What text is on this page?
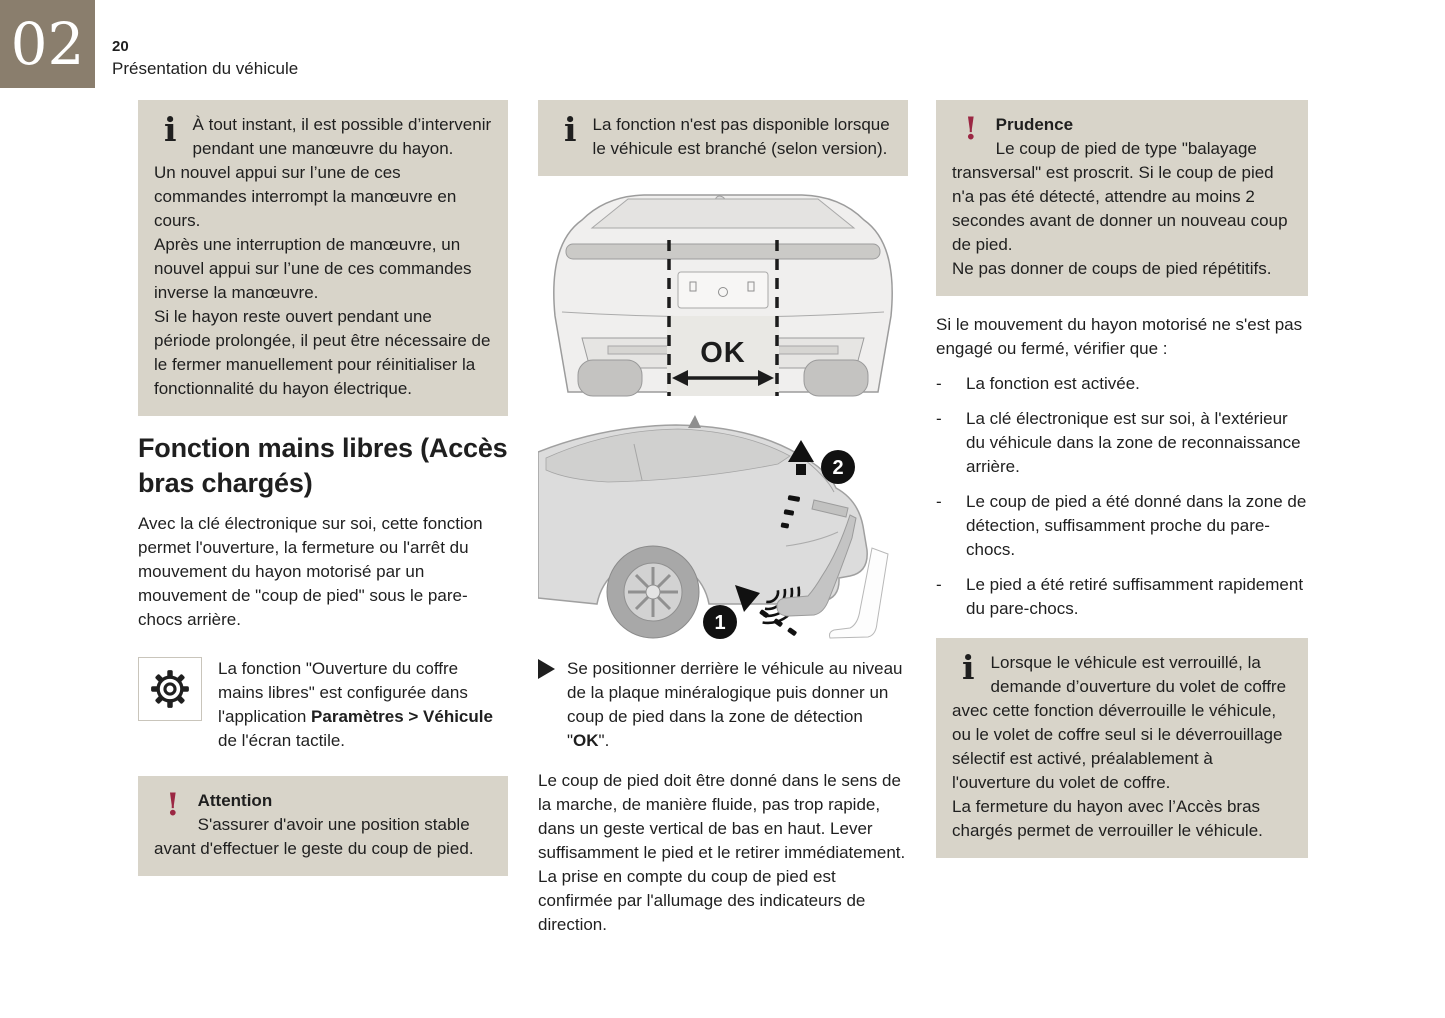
02 20
Présentation du véhicule
i À tout instant, il est possible d’intervenir pendant une manœuvre du hayon.

Un nouvel appui sur l’une de ces commandes interrompt la manœuvre en cours.

Après une interruption de manœuvre, un nouvel appui sur l’une de ces commandes inverse la manœuvre.

Si le hayon reste ouvert pendant une période prolongée, il peut être nécessaire de le fermer manuellement pour réinitialiser la fonctionnalité du hayon électrique.

Fonction mains libres (Accès bras chargés)

Avec la clé électronique sur soi, cette fonction permet l'ouverture, la fermeture ou l'arrêt du mouvement du hayon motorisé par un mouvement de "coup de pied" sous le pare-chocs arrière.

La fonction "Ouverture du coffre mains libres" est configurée dans l'application Paramètres > Véhicule de l'écran tactile.

!	Attention

S'assurer d'avoir une position stable avant d'effectuer le geste du coup de pied.

i La fonction n'est pas disponible lorsque le véhicule est branché (selon version).

OK
2
1

Se positionner derrière le véhicule au niveau de la plaque minéralogique puis donner un coup de pied dans la zone de détection "OK".

Le coup de pied doit être donné dans le sens de la marche, de manière fluide, pas trop rapide, dans un geste vertical de bas en haut. Lever suffisamment le pied et le retirer immédiatement.

La prise en compte du coup de pied est confirmée par l'allumage des indicateurs de direction.

!	Prudence

Le coup de pied de type "balayage transversal" est proscrit. Si le coup de pied n'a pas été détecté, attendre au moins 2 secondes avant de donner un nouveau coup de pied.

Ne pas donner de coups de pied répétitifs.

Si le mouvement du hayon motorisé ne s'est pas engagé ou fermé, vérifier que :

-	La fonction est activée.
-	La clé électronique est sur soi, à l'extérieur du véhicule dans la zone de reconnaissance arrière.
-	Le coup de pied a été donné dans la zone de détection, suffisamment proche du pare-chocs.
-	Le pied a été retiré suffisamment rapidement du pare-chocs.
i Lorsque le véhicule est verrouillé, la demande d’ouverture du volet de coffre avec cette fonction déverrouille le véhicule, ou le volet de coffre seul si le déverrouillage sélectif est activé, préalablement à l'ouverture du volet de coffre.

La fermeture du hayon avec l’Accès bras chargés permet de verrouiller le véhicule.
